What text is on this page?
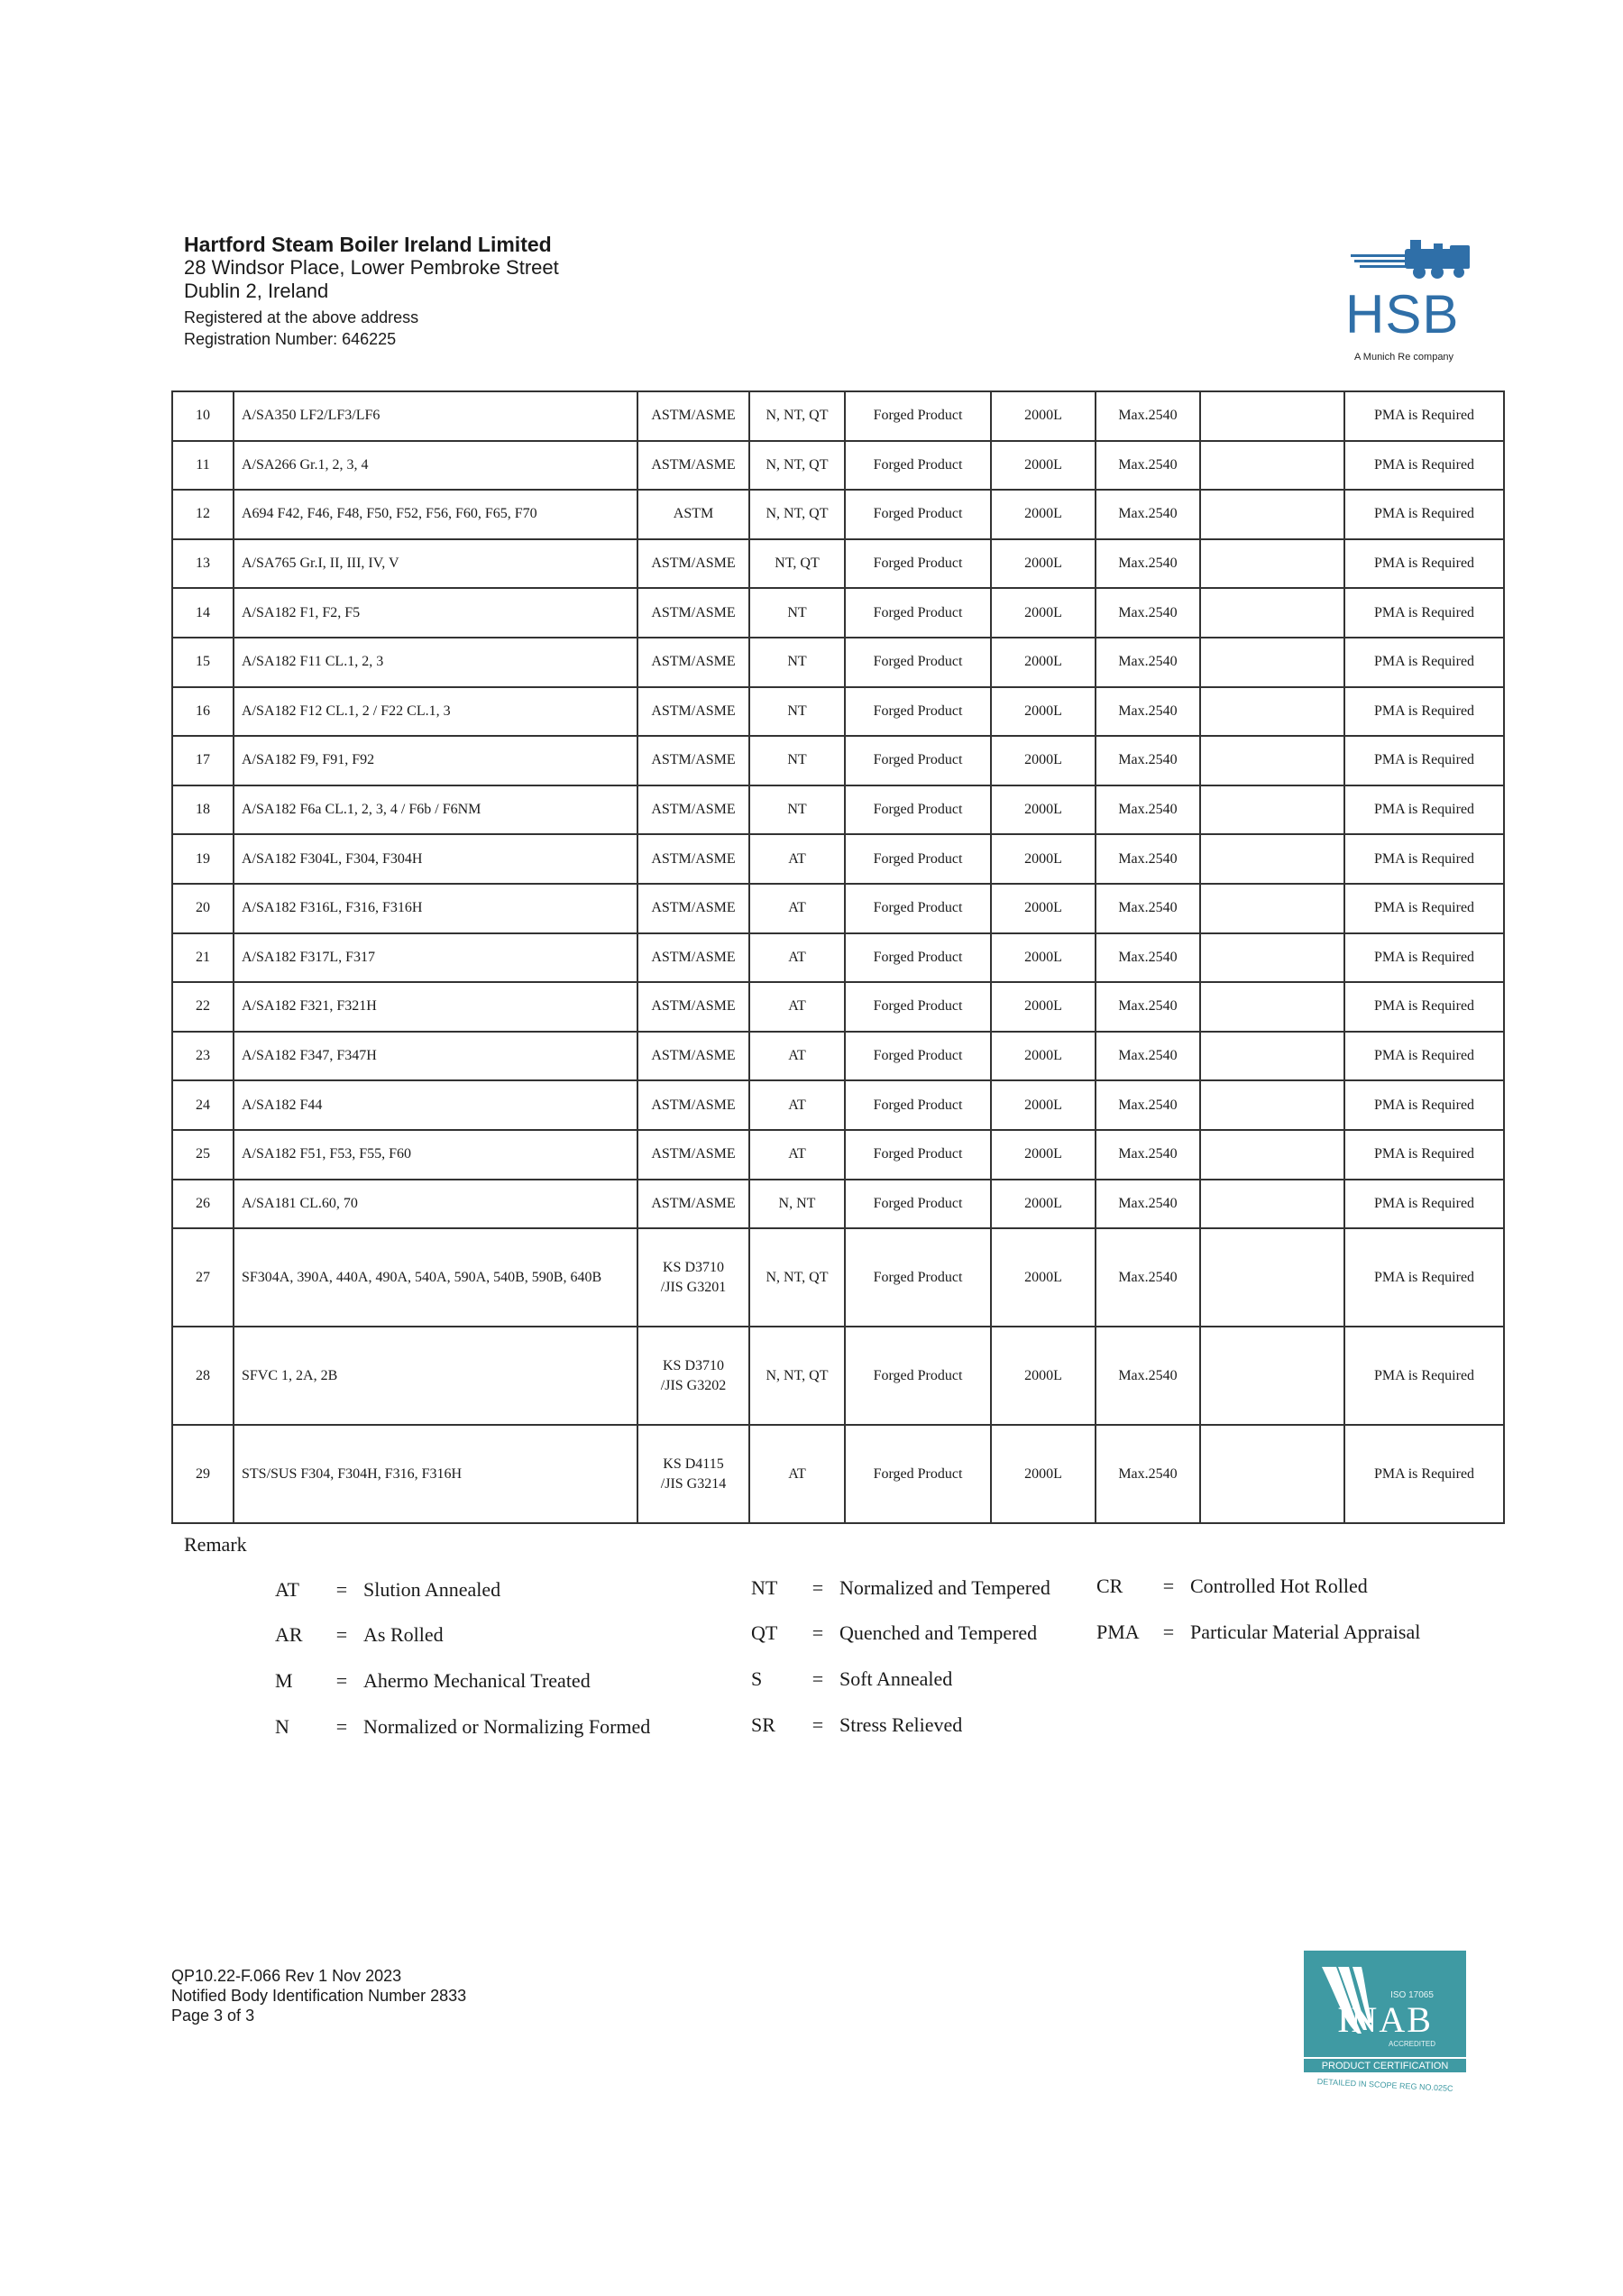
Hartford Steam Boiler Ireland Limited
28 Windsor Place, Lower Pembroke Street
Dublin 2, Ireland
Registered at the above address
Registration Number: 646225	HSB
A Munich Re company
10	A/SA350 LF2/LF3/LF6	ASTM/ASME	N, NT, QT	Forged Product	2000L	Max.2540		PMA is Required
11	A/SA266 Gr.1, 2, 3, 4	ASTM/ASME	N, NT, QT	Forged Product	2000L	Max.2540		PMA is Required
12	A694 F42, F46, F48, F50, F52, F56, F60, F65, F70	ASTM	N, NT, QT	Forged Product	2000L	Max.2540		PMA is Required
13	A/SA765 Gr.I, II, III, IV, V	ASTM/ASME	NT, QT	Forged Product	2000L	Max.2540		PMA is Required
14	A/SA182 F1, F2, F5	ASTM/ASME	NT	Forged Product	2000L	Max.2540		PMA is Required
15	A/SA182 F11 CL.1, 2, 3	ASTM/ASME	NT	Forged Product	2000L	Max.2540		PMA is Required
16	A/SA182 F12 CL.1, 2 / F22 CL.1, 3	ASTM/ASME	NT	Forged Product	2000L	Max.2540		PMA is Required
17	A/SA182 F9, F91, F92	ASTM/ASME	NT	Forged Product	2000L	Max.2540		PMA is Required
18	A/SA182 F6a CL.1, 2, 3, 4 / F6b / F6NM	ASTM/ASME	NT	Forged Product	2000L	Max.2540		PMA is Required
19	A/SA182 F304L, F304, F304H	ASTM/ASME	AT	Forged Product	2000L	Max.2540		PMA is Required
20	A/SA182 F316L, F316, F316H	ASTM/ASME	AT	Forged Product	2000L	Max.2540		PMA is Required
21	A/SA182 F317L, F317	ASTM/ASME	AT	Forged Product	2000L	Max.2540		PMA is Required
22	A/SA182 F321, F321H	ASTM/ASME	AT	Forged Product	2000L	Max.2540		PMA is Required
23	A/SA182 F347, F347H	ASTM/ASME	AT	Forged Product	2000L	Max.2540		PMA is Required
24	A/SA182 F44	ASTM/ASME	AT	Forged Product	2000L	Max.2540		PMA is Required
25	A/SA182 F51, F53, F55, F60	ASTM/ASME	AT	Forged Product	2000L	Max.2540		PMA is Required
26	A/SA181 CL.60, 70	ASTM/ASME	N, NT	Forged Product	2000L	Max.2540		PMA is Required
27	SF304A, 390A, 440A, 490A, 540A, 590A, 540B, 590B, 640B	KS D3710
/JIS G3201	N, NT, QT	Forged Product	2000L	Max.2540		PMA is Required
28	SFVC 1, 2A, 2B	KS D3710
/JIS G3202	N, NT, QT	Forged Product	2000L	Max.2540		PMA is Required
29	STS/SUS F304, F304H, F316, F316H	KS D4115
/JIS G3214	AT	Forged Product	2000L	Max.2540		PMA is Required
Remark
AT = Slution Annealed
AR = As Rolled
M = Ahermo Mechanical Treated
N = Normalized or Normalizing Formed
NT = Normalized and Tempered
QT = Quenched and Tempered
S	= Soft Annealed
SR = Stress Relieved
CR = Controlled Hot Rolled
PMA = Particular Material Appraisal
QP10.22-F.066 Rev 1 Nov 2023
Notified Body Identification Number 2833
Page 3 of 3
ISO 17065
INAB
ACCREDITED
PRODUCT CERTIFICATION
DETAILED IN SCOPE REG NO.025C
